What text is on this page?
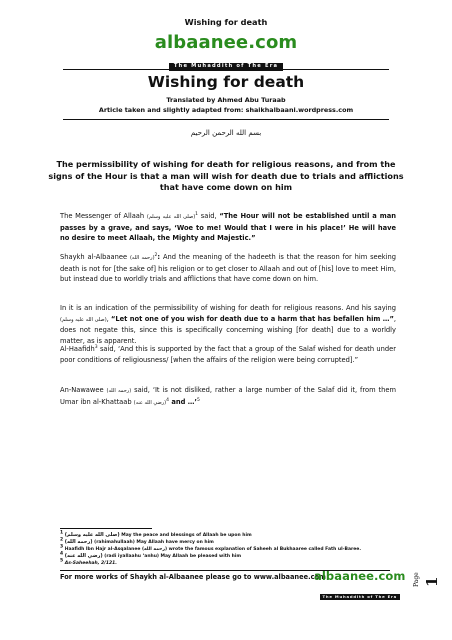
Wishing for death
albaanee.com
The Muhaddith of The Era
Wishing for death
Translated by Ahmed Abu Turaab
Article taken and slightly adapted from: shaikhalbaani.wordpress.com
بسم الله الرحمن الرحيم
The permissibility of wishing for death for religious reasons, and from the signs of the Hour is that a man will wish for death due to trials and afflictions that have come down on him
The Messenger of Allaah (صلى الله عليه وسلم)$^1$ said, “The Hour will not be established until a man passes by a grave, and says, ‘Woe to me! Would that I were in his place!’ He will have no desire to meet Allaah, the Mighty and Majestic.”
Shaykh al-Albaanee (رحمه الله)$^2$: And the meaning of the hadeeth is that the reason for him seeking death is not for [the sake of] his religion or to get closer to Allaah and out of [his] love to meet Him, but instead due to worldly trials and afflictions that have come down on him.
In it is an indication of the permissibility of wishing for death for religious reasons. And his saying (صلى الله عليه وسلم), “Let not one of you wish for death due to a harm that has befallen him …”, does not negate this, since this is specifically concerning wishing [for death] due to a worldly matter, as is apparent.
Al-Haafidh$^3$ said, ‘And this is supported by the fact that a group of the Salaf wished for death under poor conditions of religiousness/ [when the affairs of the religion were being corrupted].”
An-Nawawee (رحمه الله) said, ‘It is not disliked, rather a large number of the Salaf did it, from them Umar ibn al-Khattaab (رضي الله عنه)$^4$ and …’$^5$
$^1$ (صلى الله عليه وسلم) May the peace and blessings of Allaah be upon him
$^2$ (رحمه الله) (rahimahullaah) May Allaah have mercy on him
$^3$ Haafidh Ibn Hajr al-Asqalanee (رحمه الله) wrote the famous explanation of Saheeh al Bukhaaree called Fath ul-Baree.
$^4$ (رضي الله عنه) (radi iyallaahu ‘anhu) May Allaah be pleased with him
$^5$ As-Saheehah, 2/121.
For more works of Shaykh al-Albaanee please go to www.albaanee.com
albaanee.com
The Muhaddith of The Era
Page 1
